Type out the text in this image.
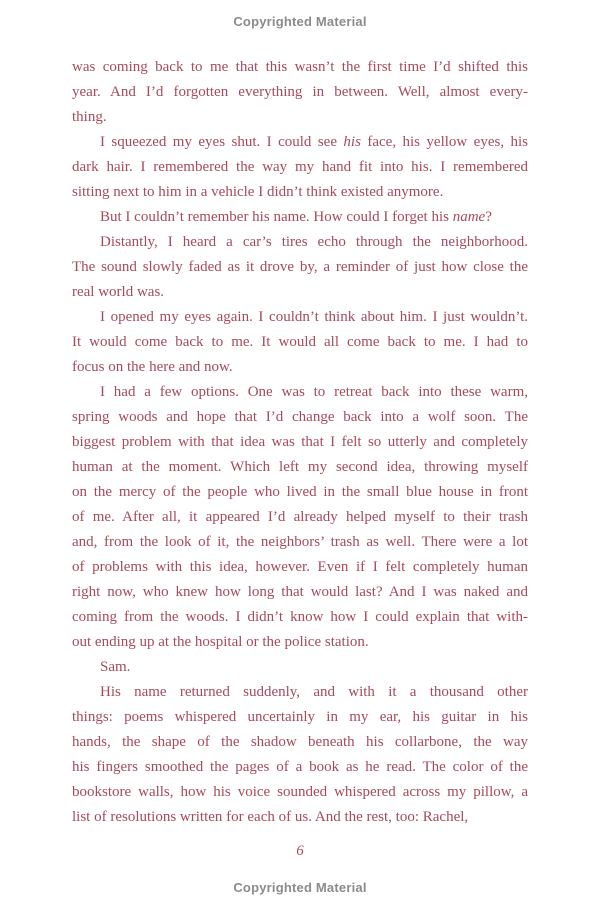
Copyrighted Material
was coming back to me that this wasn’t the first time I’d shifted this
year. And I’d forgotten everything in between. Well, almost every-
thing.
I squeezed my eyes shut. I could see his face, his yellow eyes, his
dark hair. I remembered the way my hand fit into his. I remembered
sitting next to him in a vehicle I didn’t think existed anymore.
But I couldn’t remember his name. How could I forget his name?
Distantly, I heard a car’s tires echo through the neighborhood.
The sound slowly faded as it drove by, a reminder of just how close the
real world was.
I opened my eyes again. I couldn’t think about him. I just wouldn’t.
It would come back to me. It would all come back to me. I had to
focus on the here and now.
I had a few options. One was to retreat back into these warm,
spring woods and hope that I’d change back into a wolf soon. The
biggest problem with that idea was that I felt so utterly and completely
human at the moment. Which left my second idea, throwing myself
on the mercy of the people who lived in the small blue house in front
of me. After all, it appeared I’d already helped myself to their trash
and, from the look of it, the neighbors’ trash as well. There were a lot
of problems with this idea, however. Even if I felt completely human
right now, who knew how long that would last? And I was naked and
coming from the woods. I didn’t know how I could explain that with-
out ending up at the hospital or the police station.
Sam.
His name returned suddenly, and with it a thousand other
things: poems whispered uncertainly in my ear, his guitar in his
hands, the shape of the shadow beneath his collarbone, the way
his fingers smoothed the pages of a book as he read. The color of the
bookstore walls, how his voice sounded whispered across my pillow, a
list of resolutions written for each of us. And the rest, too: Rachel,
6
Copyrighted Material
